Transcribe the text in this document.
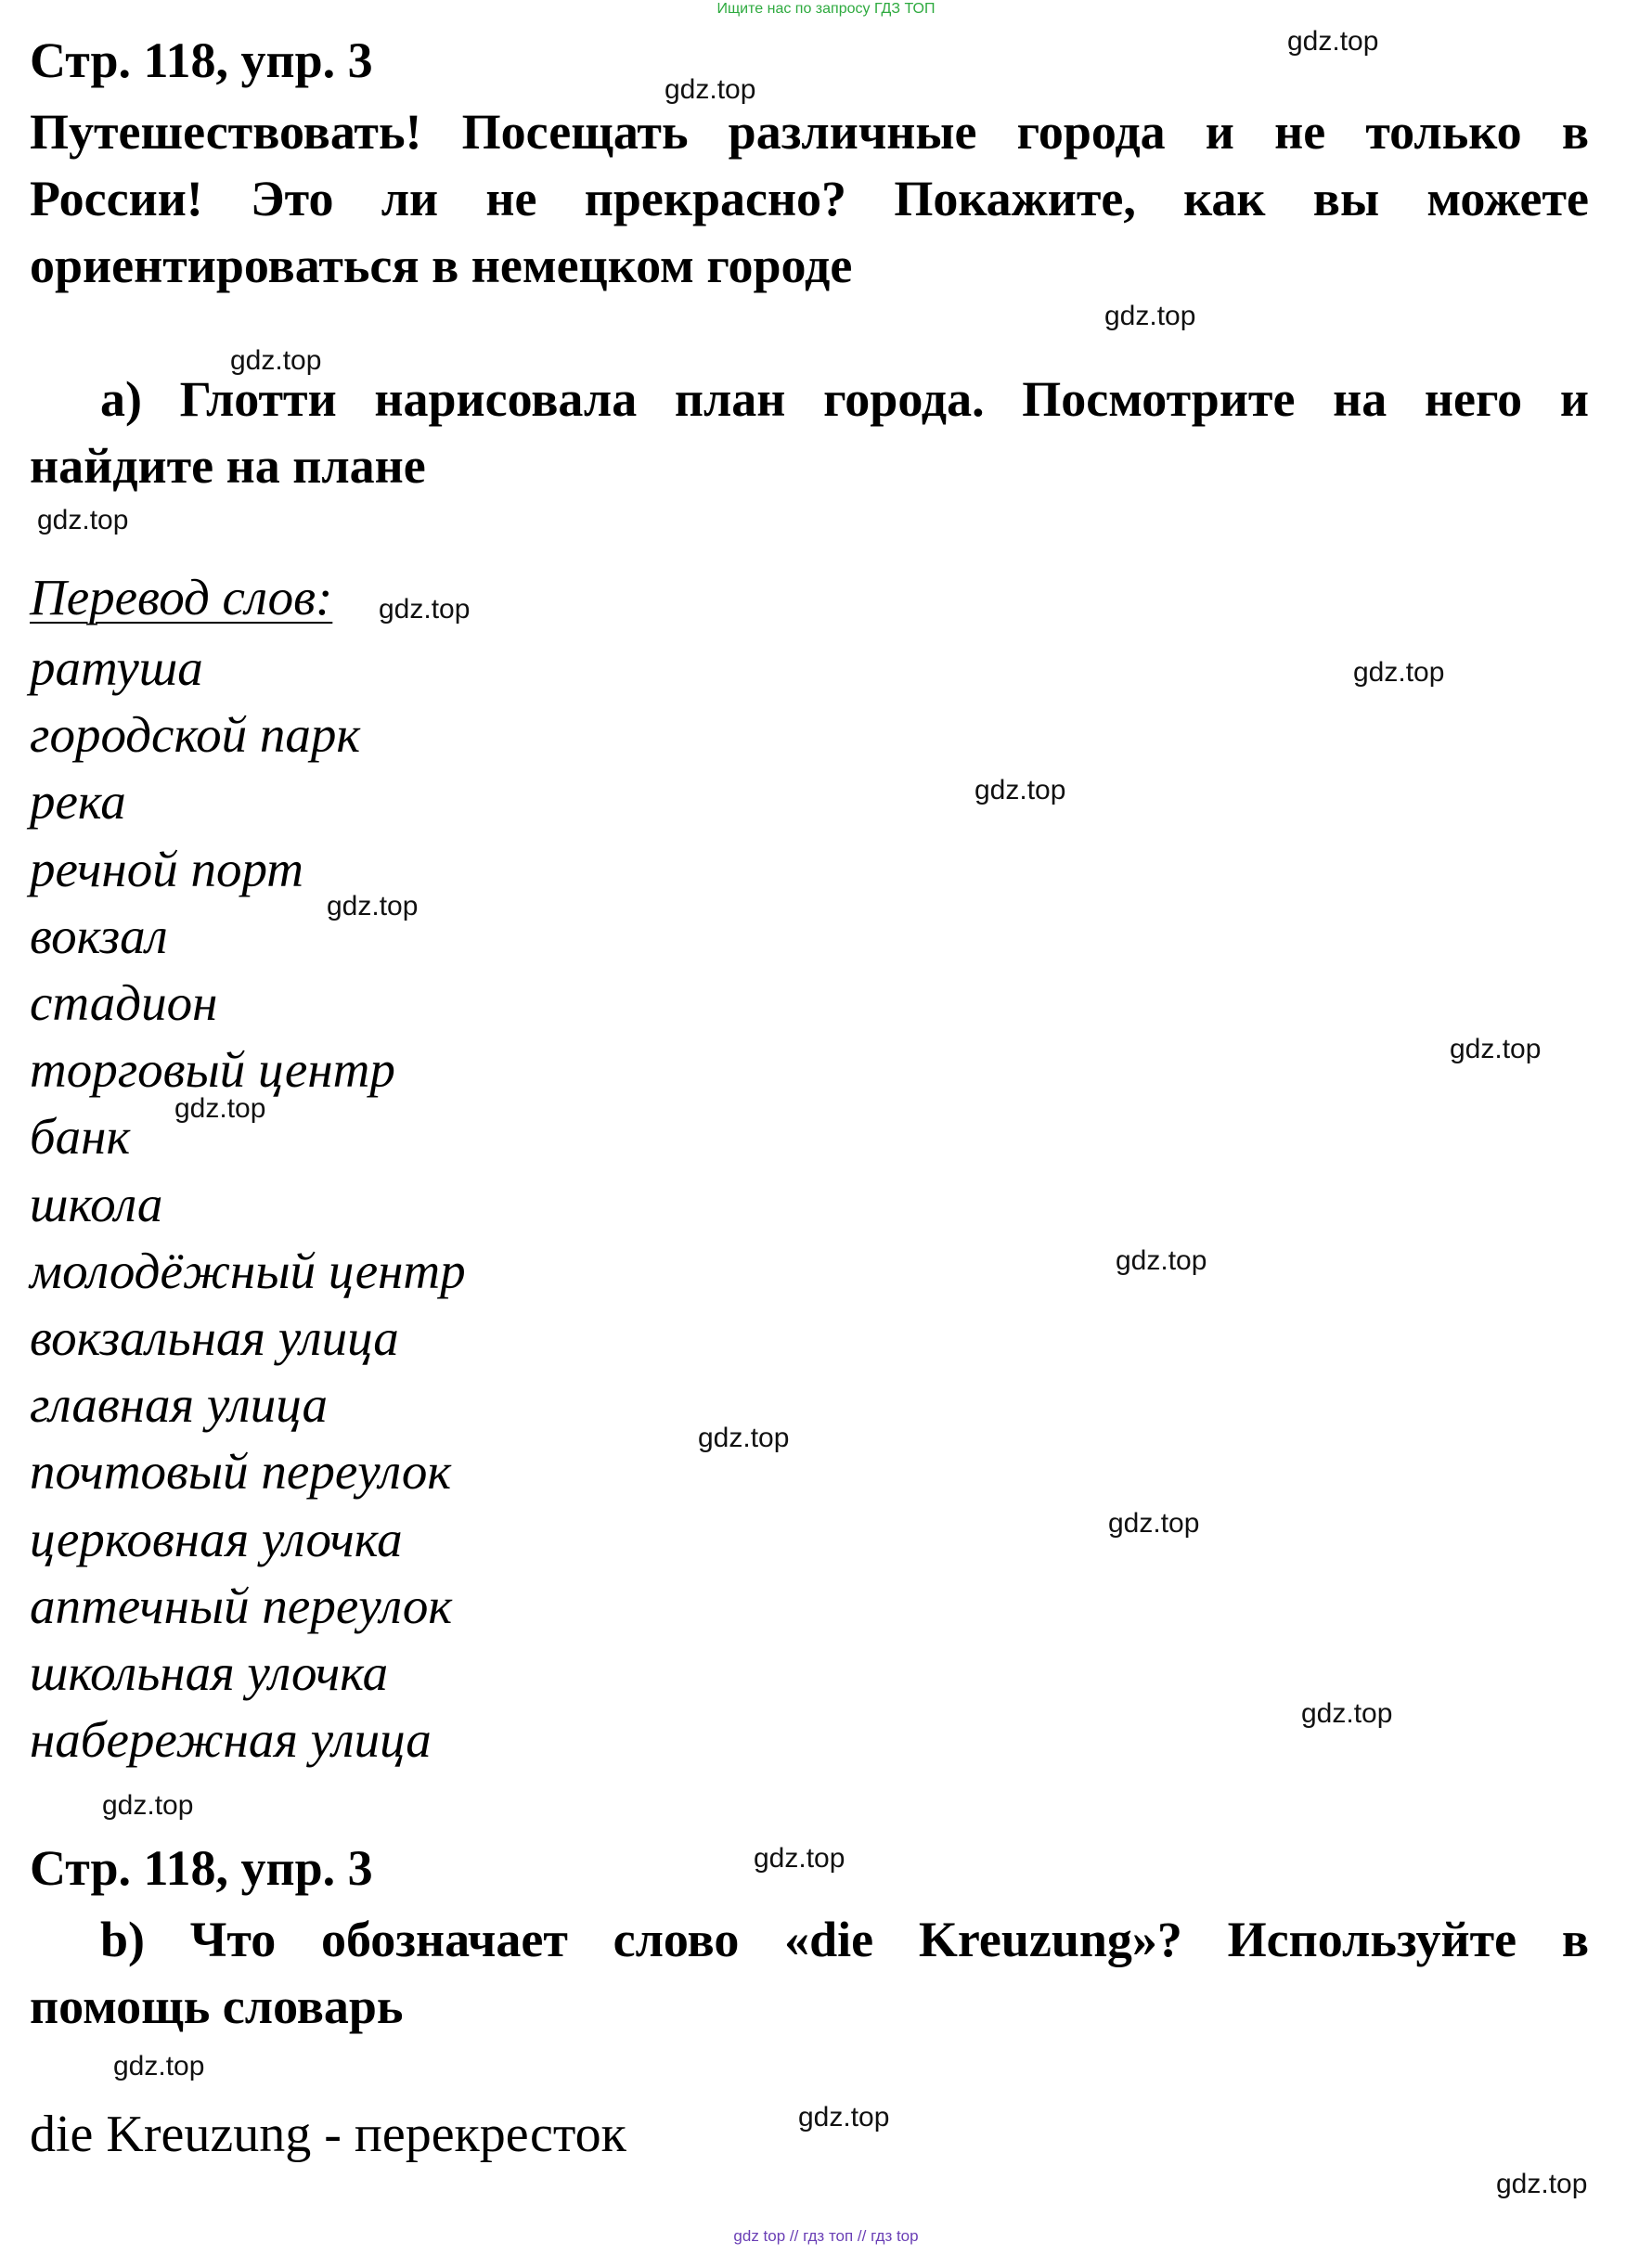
Ищите нас по запросу ГДЗ ТОП
Стр. 118, упр. 3
Путешествовать! Посещать различные города и не только в
России! Это ли не прекрасно? Покажите, как вы можете
ориентироваться в немецком городе
a) Глотти нарисовала план города. Посмотрите на него и
найдите на плане
Перевод слов:
ратуша
городской парк
река
речной порт
вокзал
стадион
торговый центр
банк
школа
молодёжный центр
вокзальная улица
главная улица
почтовый переулок
церковная улочка
аптечный переулок
школьная улочка
набережная улица
Стр. 118, упр. 3
b) Что обозначает слово «die Kreuzung»? Используйте в
помощь словарь
die Kreuzung - перекресток
gdz.top
gdz.top
gdz.top
gdz.top
gdz.top
gdz.top
gdz.top
gdz.top
gdz.top
gdz.top
gdz.top
gdz.top
gdz.top
gdz.top
gdz.top
gdz.top
gdz.top
gdz.top
gdz.top
gdz.top
gdz top // гдз топ // гдз top
